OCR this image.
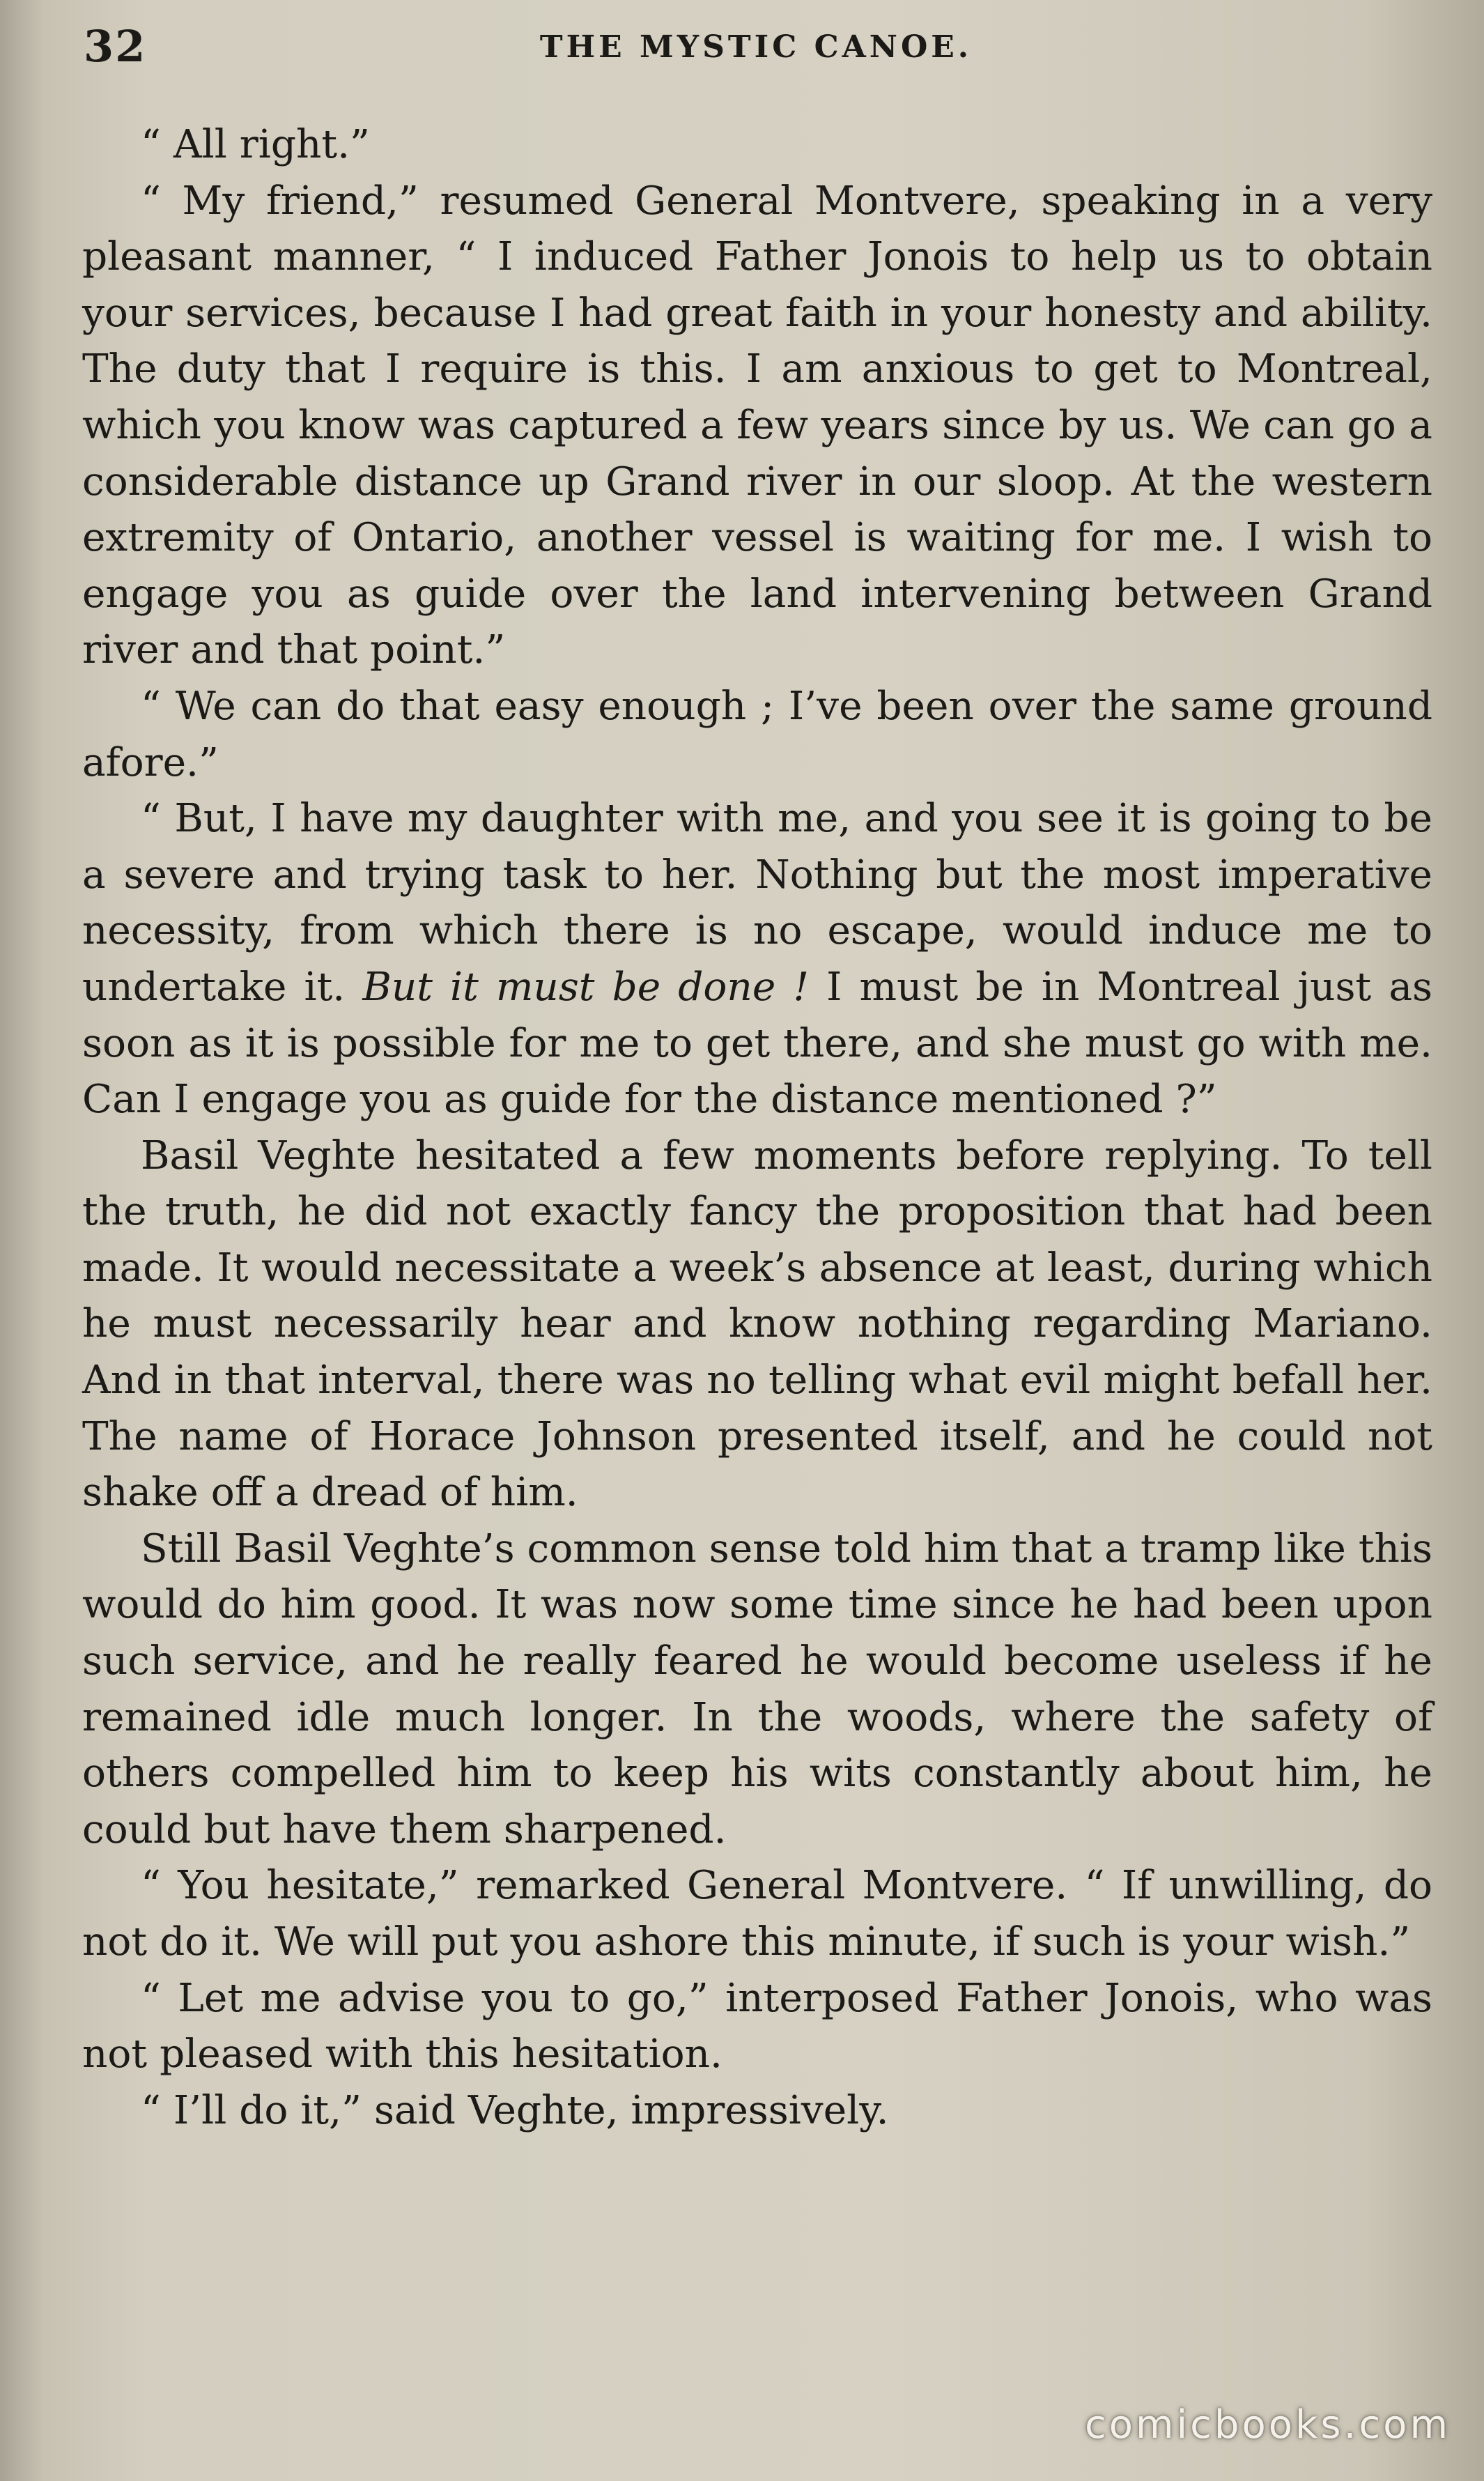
32	THE MYSTIC CANOE.

“ All right.”

“ My friend,” resumed General Montvere, speaking in a very pleasant manner, “ I induced Father Jonois to help us to obtain your services, because I had great faith in your honesty and ability. The duty that I require is this. I am anxious to get to Montreal, which you know was captured a few years since by us. We can go a considerable distance up Grand river in our sloop. At the western extremity of Ontario, another vessel is waiting for me. I wish to engage you as guide over the land intervening between Grand river and that point.”

“ We can do that easy enough ; I’ve been over the same ground afore.”

“ But, I have my daughter with me, and you see it is going to be a severe and trying task to her. Nothing but the most imperative necessity, from which there is no escape, would induce me to undertake it. But it must be done ! I must be in Montreal just as soon as it is possible for me to get there, and she must go with me. Can I engage you as guide for the distance mentioned ?”

Basil Veghte hesitated a few moments before replying. To tell the truth, he did not exactly fancy the proposition that had been made. It would necessitate a week’s absence at least, during which he must necessarily hear and know nothing regarding Mariano. And in that interval, there was no telling what evil might befall her. The name of Horace Johnson presented itself, and he could not shake off a dread of him.

Still Basil Veghte’s common sense told him that a tramp like this would do him good. It was now some time since he had been upon such service, and he really feared he would become useless if he remained idle much longer. In the woods, where the safety of others compelled him to keep his wits constantly about him, he could but have them sharpened.

“ You hesitate,” remarked General Montvere. “ If unwilling, do not do it. We will put you ashore this minute, if such is your wish.”

“ Let me advise you to go,” interposed Father Jonois, who was not pleased with this hesitation.

“ I’ll do it,” said Veghte, impressively.

comicbooks.com
